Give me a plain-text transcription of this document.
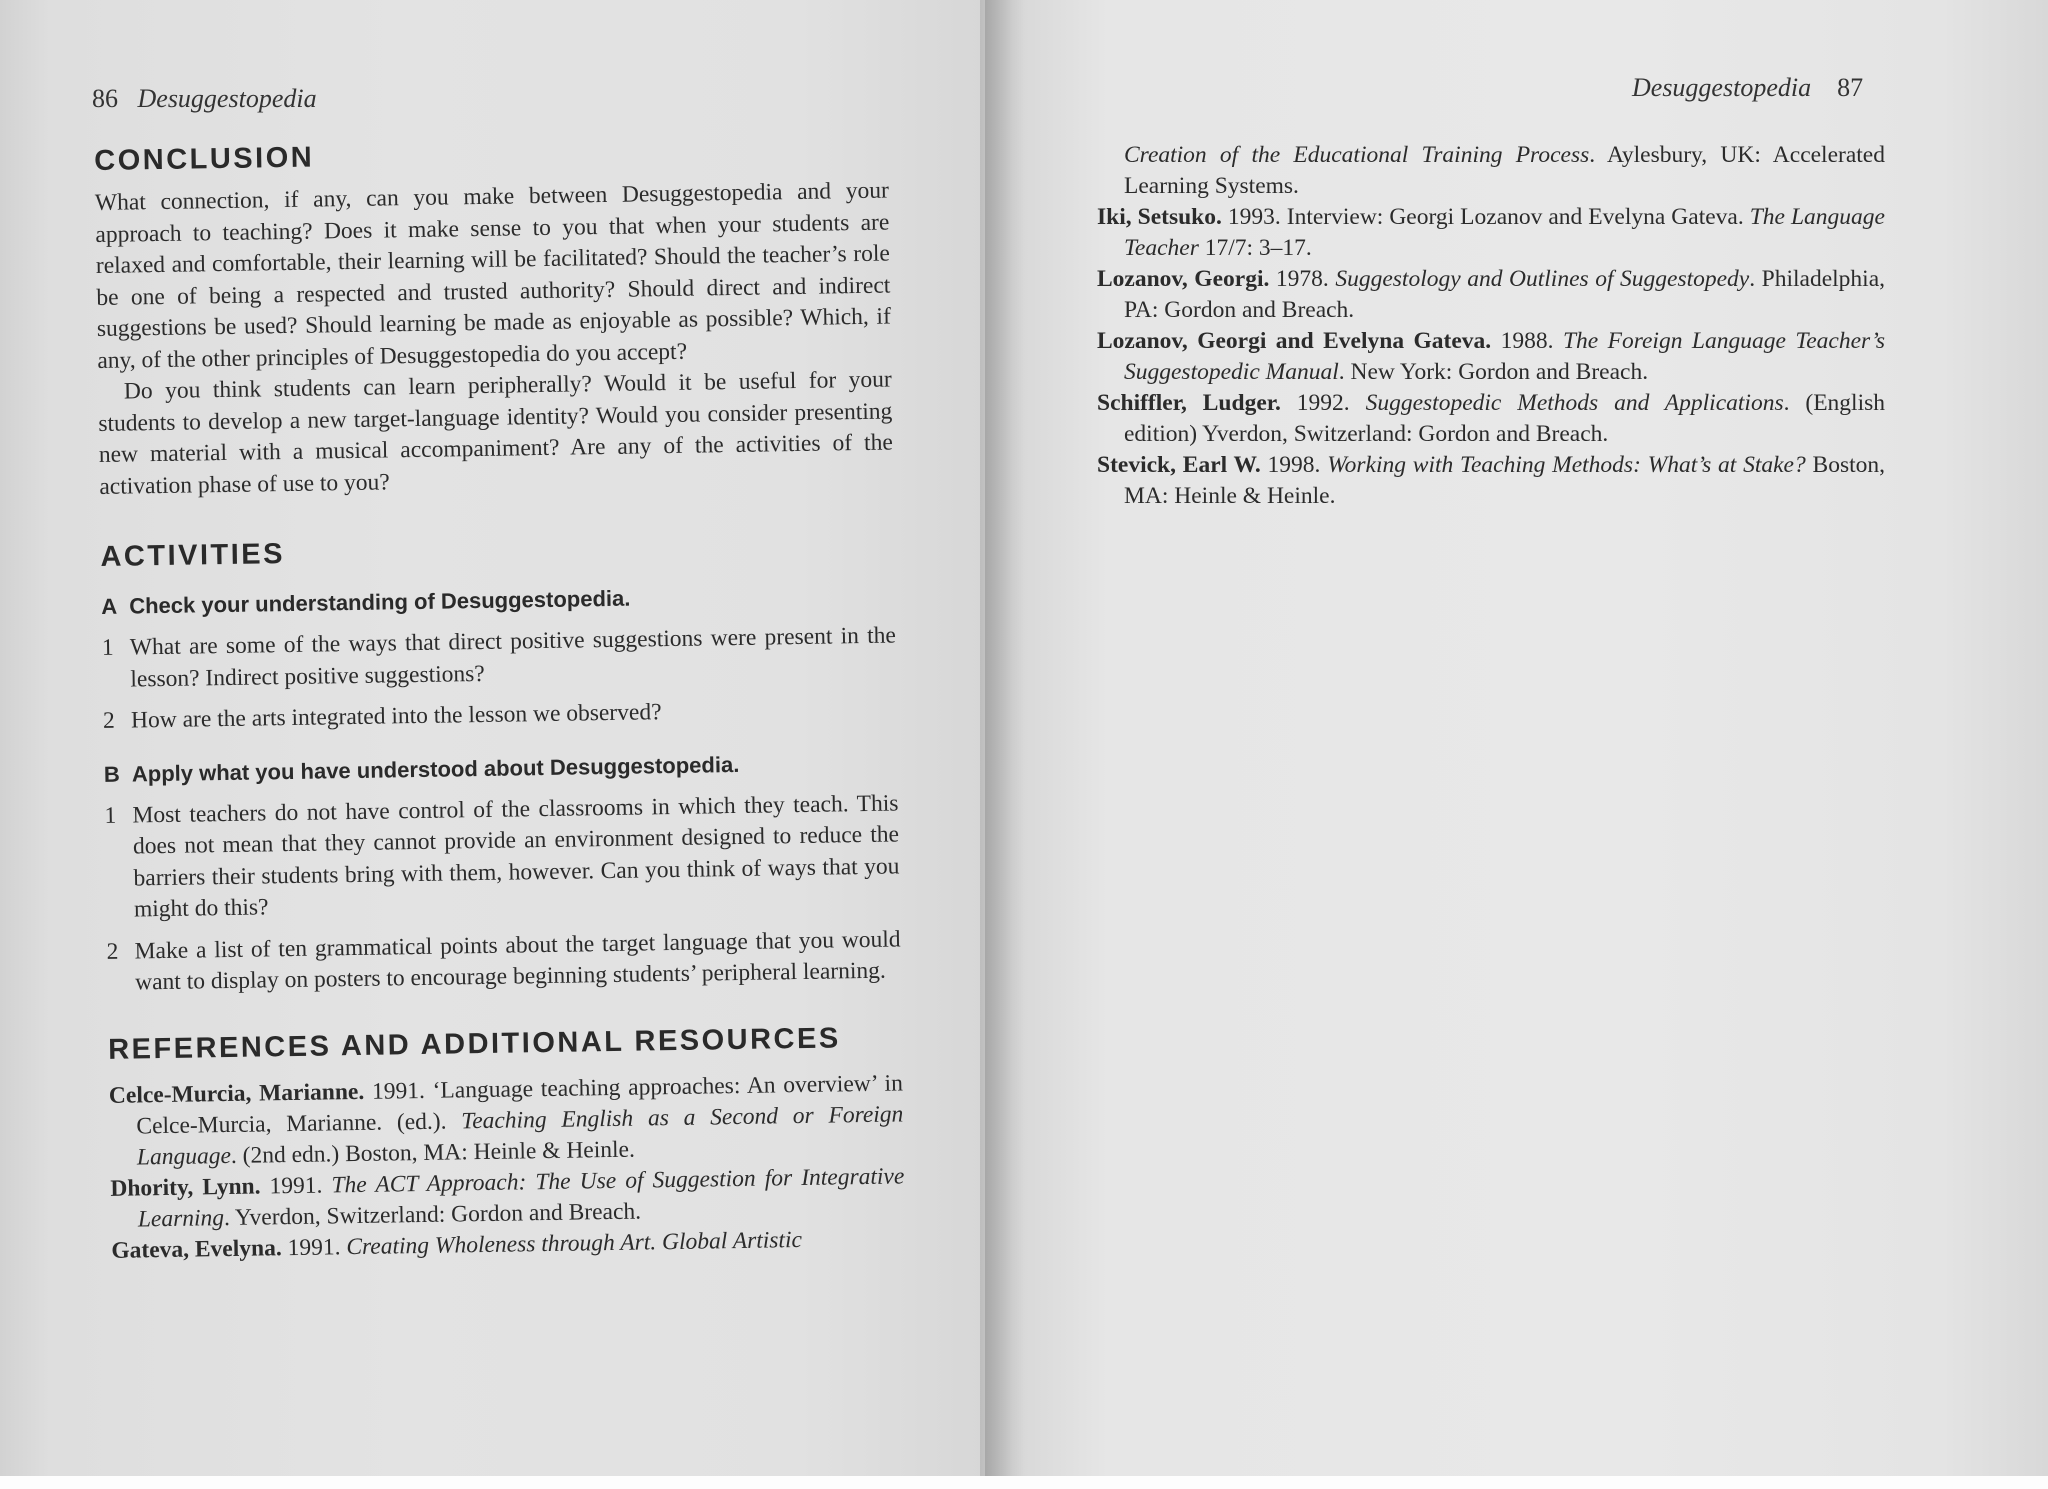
86 Desuggestopedia	Desuggestopedia 87
CONCLUSION

What connection, if any, can you make between Desuggestopedia and your approach to teaching? Does it make sense to you that when your students are relaxed and comfortable, their learning will be facilitated? Should the teacher’s role be one of being a respected and trusted authority? Should direct and indirect suggestions be used? Should learning be made as enjoyable as possible? Which, if any, of the other principles of Desuggestopedia do you accept?

Do you think students can learn peripherally? Would it be useful for your students to develop a new target-language identity? Would you consider presenting new material with a musical accompaniment? Are any of the activities of the activation phase of use to you?

ACTIVITIES
A Check your understanding of Desuggestopedia.
1 What are some of the ways that direct positive suggestions were present in the lesson? Indirect positive suggestions?
2 How are the arts integrated into the lesson we observed?
B Apply what you have understood about Desuggestopedia.
1 Most teachers do not have control of the classrooms in which they teach. This does not mean that they cannot provide an environment designed to reduce the barriers their students bring with them, however. Can you think of ways that you might do this?
2 Make a list of ten grammatical points about the target language that you would want to display on posters to encourage beginning students’ peripheral learning.
REFERENCES AND ADDITIONAL RESOURCES

Celce-Murcia, Marianne. 1991. ‘Language teaching approaches: An overview’ in Celce-Murcia, Marianne. (ed.). Teaching English as a Second or Foreign Language. (2nd edn.) Boston, MA: Heinle & Heinle.

Dhority, Lynn. 1991. The ACT Approach: The Use of Suggestion for Integrative Learning. Yverdon, Switzerland: Gordon and Breach.

Gateva, Evelyna. 1991. Creating Wholeness through Art. Global Artistic

Creation of the Educational Training Process. Aylesbury, UK: Accelerated Learning Systems.

Iki, Setsuko. 1993. Interview: Georgi Lozanov and Evelyna Gateva. The Language Teacher 17/7: 3–17.

Lozanov, Georgi. 1978. Suggestology and Outlines of Suggestopedy. Philadelphia, PA: Gordon and Breach.

Lozanov, Georgi and Evelyna Gateva. 1988. The Foreign Language Teacher’s Suggestopedic Manual. New York: Gordon and Breach.

Schiffler, Ludger. 1992. Suggestopedic Methods and Applications. (English edition) Yverdon, Switzerland: Gordon and Breach.

Stevick, Earl W. 1998. Working with Teaching Methods: What’s at Stake? Boston, MA: Heinle & Heinle.
